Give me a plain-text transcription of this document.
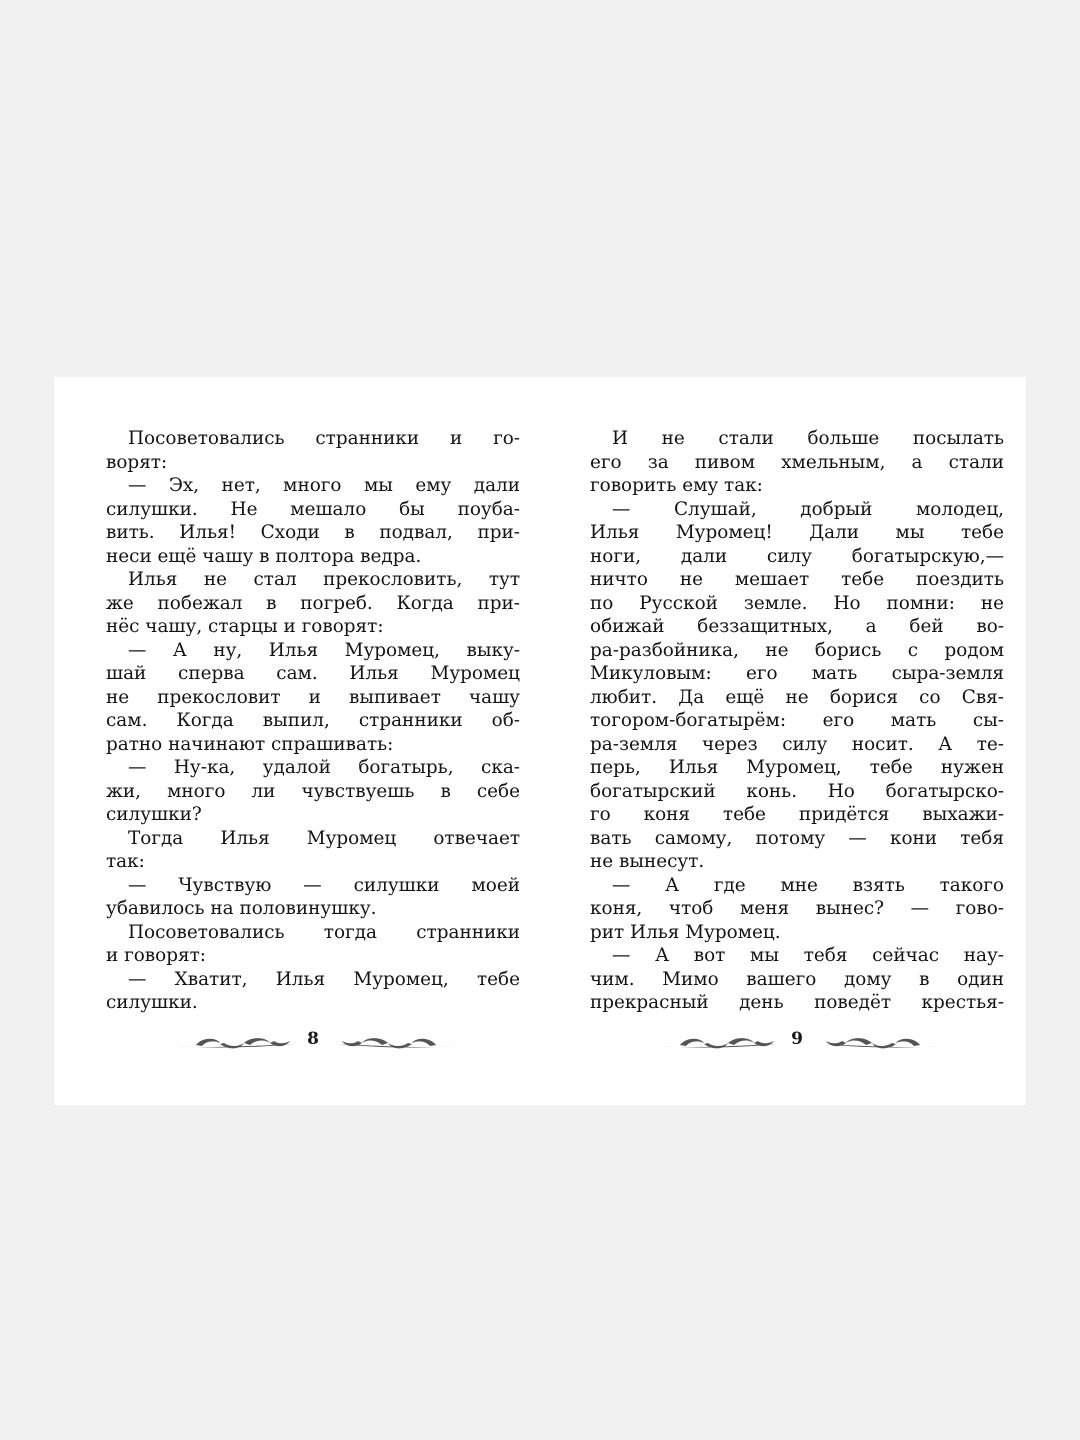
Посоветовались странники и го-
ворят:
— Эх, нет, много мы ему дали
силушки. Не мешало бы поуба-
вить. Илья! Сходи в подвал, при-
неси ещё чашу в полтора ведра.
Илья не стал прекословить, тут
же побежал в погреб. Когда при-
нёс чашу, старцы и говорят:
— А ну, Илья Муромец, выку-
шай сперва сам. Илья Муромец
не прекословит и выпивает чашу
сам. Когда выпил, странники об-
ратно начинают спрашивать:
— Ну-ка, удалой богатырь, ска-
жи, много ли чувствуешь в себе
силушки?
Тогда Илья Муромец отвечает
так:
— Чувствую — силушки моей
убавилось на половинушку.
Посоветовались тогда странники
и говорят:
— Хватит, Илья Муромец, тебе
силушки.
8
И не стали больше посылать
его за пивом хмельным, а стали
говорить ему так:
— Слушай, добрый молодец,
Илья Муромец! Дали мы тебе
ноги, дали силу богатырскую,—
ничто не мешает тебе поездить
по Русской земле. Но помни: не
обижай беззащитных, а бей во-
ра-разбойника, не борись с родом
Микуловым: его мать сыра-земля
любит. Да ещё не борися со Свя-
тогором-богатырём: его мать сы-
ра-земля через силу носит. А те-
перь, Илья Муромец, тебе нужен
богатырский конь. Но богатырско-
го коня тебе придётся выхажи-
вать самому, потому — кони тебя
не вынесут.
— А где мне взять такого
коня, чтоб меня вынес? — гово-
рит Илья Муромец.
— А вот мы тебя сейчас нау-
чим. Мимо вашего дому в один
прекрасный день поведёт крестья-
9
